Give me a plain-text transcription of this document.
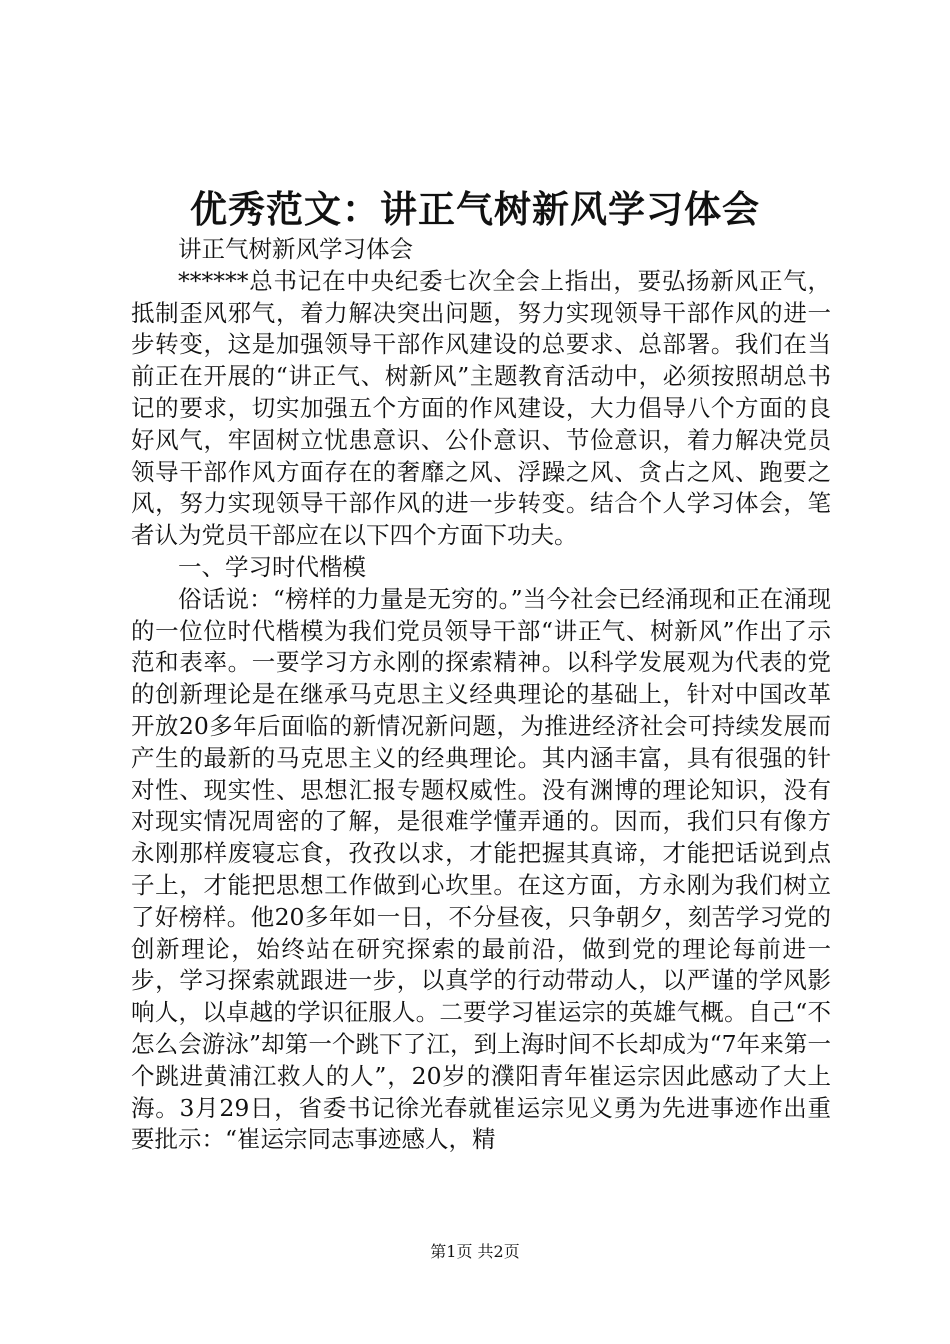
优秀范文：讲正气树新风学习体会

讲正气树新风学习体会

******总书记在中央纪委七次全会上指出，要弘扬新风正气，抵制歪风邪气，着力解决突出问题，努力实现领导干部作风的进一步转变，这是加强领导干部作风建设的总要求、总部署。我们在当前正在开展的“讲正气、树新风”主题教育活动中，必须按照胡总书记的要求，切实加强五个方面的作风建设，大力倡导八个方面的良好风气，牢固树立忧患意识、公仆意识、节俭意识，着力解决党员领导干部作风方面存在的奢靡之风、浮躁之风、贪占之风、跑要之风，努力实现领导干部作风的进一步转变。结合个人学习体会，笔者认为党员干部应在以下四个方面下功夫。

一、学习时代楷模

俗话说：“榜样的力量是无穷的。”当今社会已经涌现和正在涌现的一位位时代楷模为我们党员领导干部“讲正气、树新风”作出了示范和表率。一要学习方永刚的探索精神。以科学发展观为代表的党的创新理论是在继承马克思主义经典理论的基础上，针对中国改革开放20多年后面临的新情况新问题，为推进经济社会可持续发展而产生的最新的马克思主义的经典理论。其内涵丰富，具有很强的针对性、现实性、思想汇报专题权威性。没有渊博的理论知识，没有对现实情况周密的了解，是很难学懂弄通的。因而，我们只有像方永刚那样废寝忘食，孜孜以求，才能把握其真谛，才能把话说到点子上，才能把思想工作做到心坎里。在这方面，方永刚为我们树立了好榜样。他20多年如一日，不分昼夜，只争朝夕，刻苦学习党的创新理论，始终站在研究探索的最前沿，做到党的理论每前进一步，学习探索就跟进一步，以真学的行动带动人，以严谨的学风影响人，以卓越的学识征服人。二要学习崔运宗的英雄气概。自己“不怎么会游泳”却第一个跳下了江，到上海时间不长却成为“7年来第一个跳进黄浦江救人的人”，20岁的濮阳青年崔运宗因此感动了大上海。3月29日，省委书记徐光春就崔运宗见义勇为先进事迹作出重要批示：“崔运宗同志事迹感人，精

第1页 共2页
